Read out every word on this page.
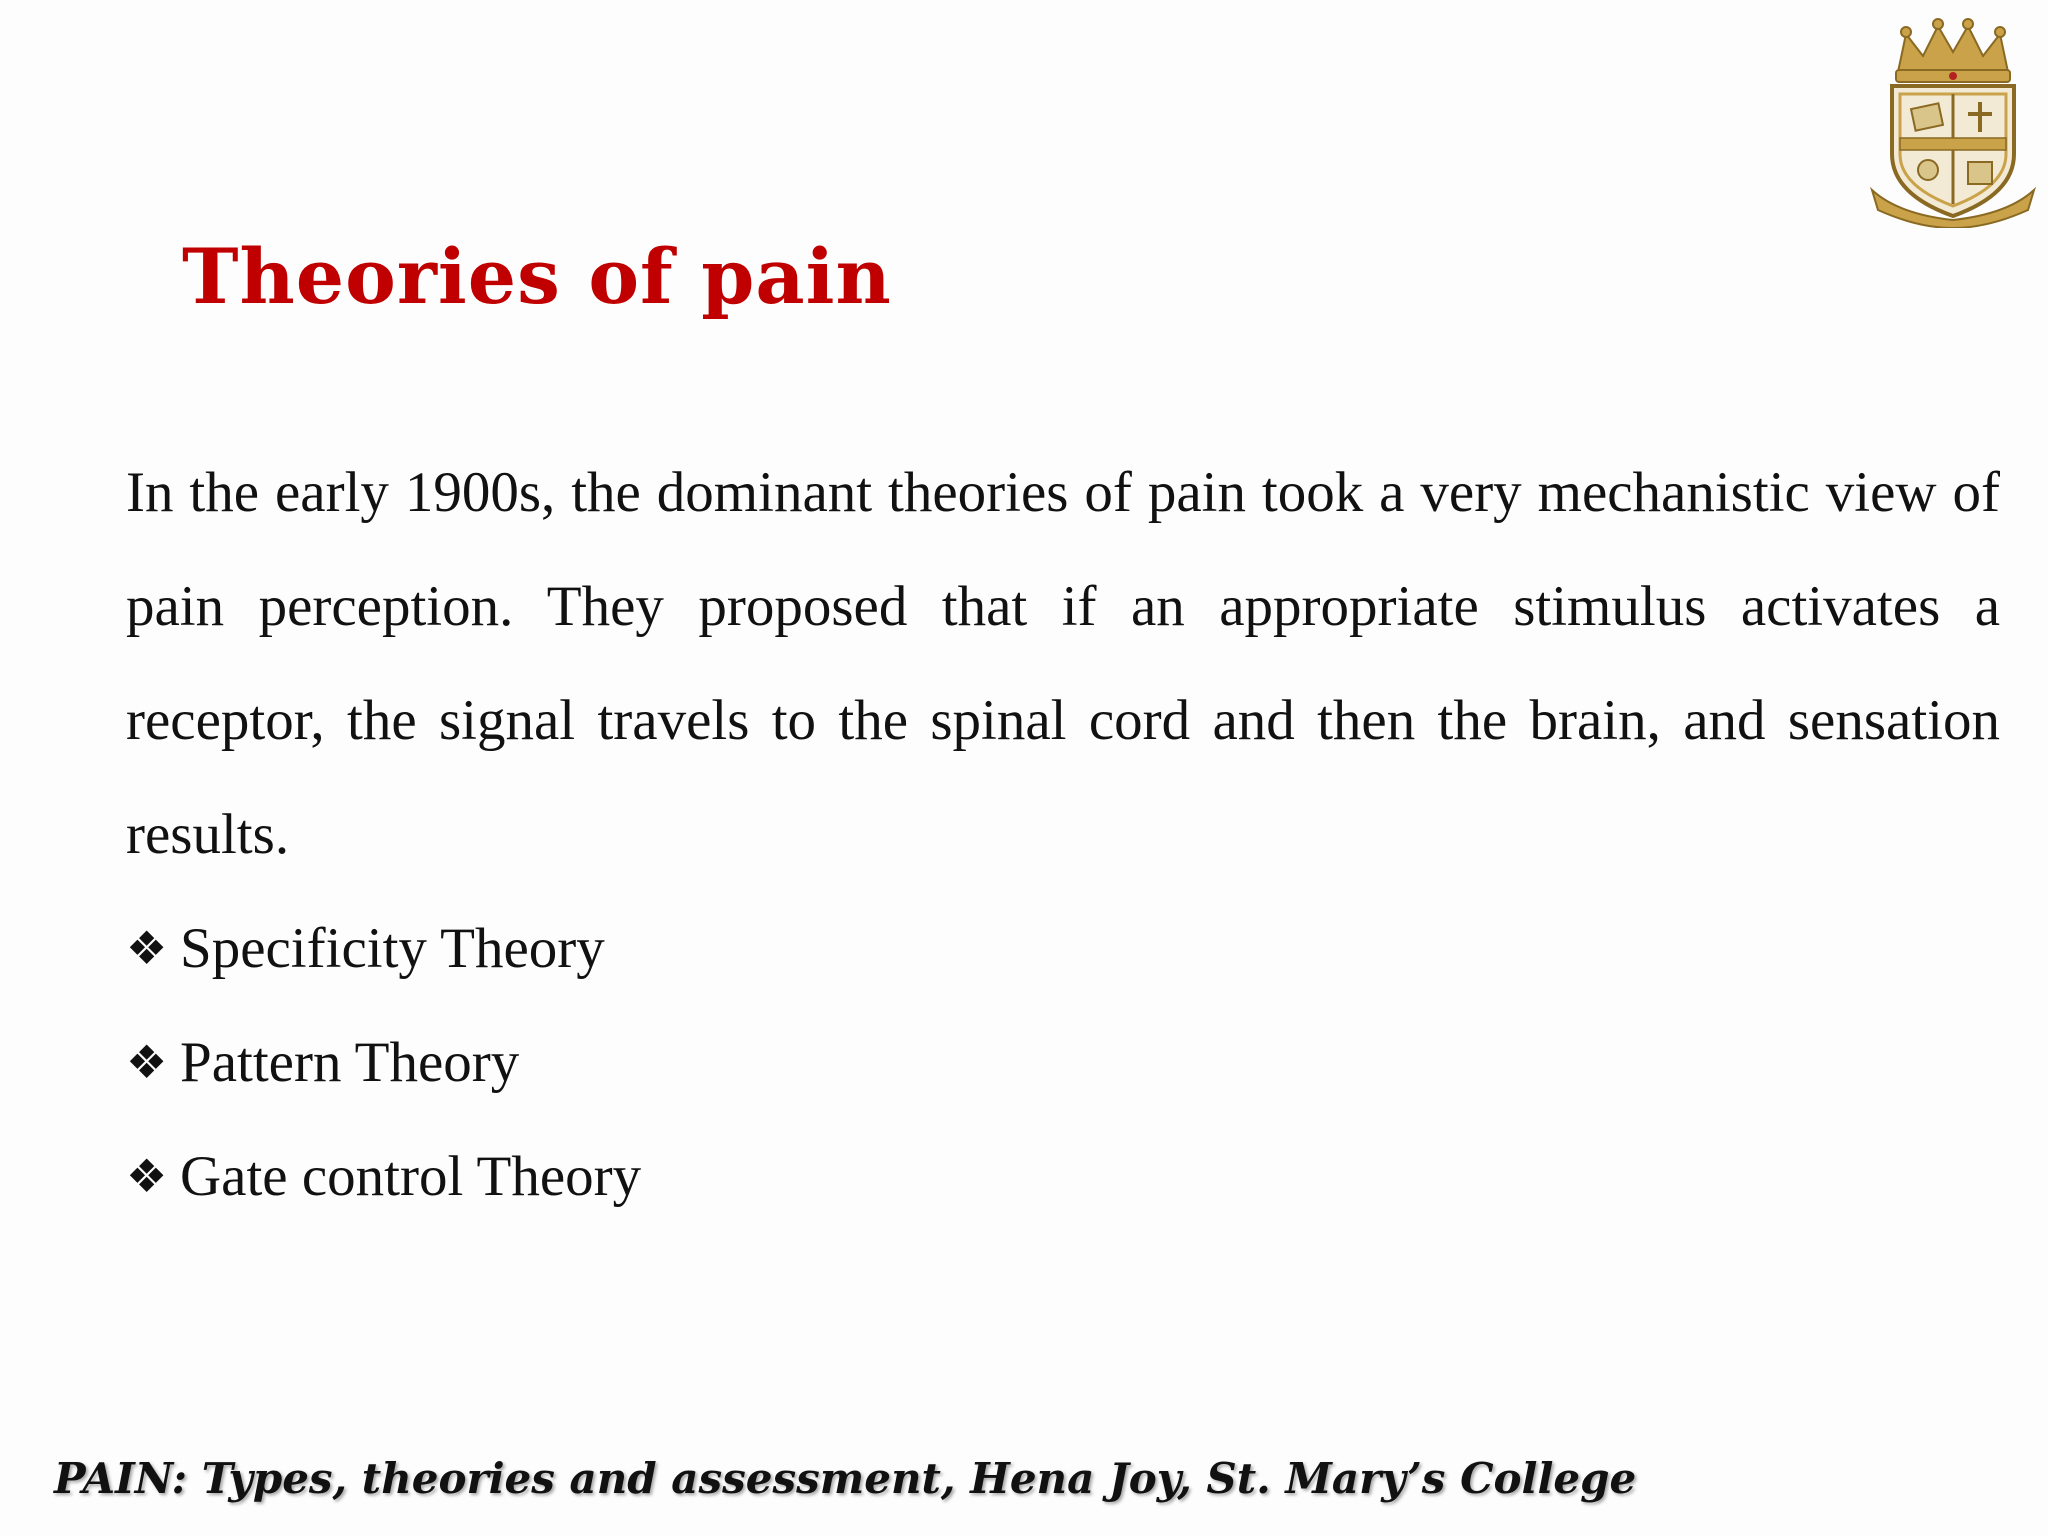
Theories of pain

In the early 1900s, the dominant theories of pain took a very mechanistic view of pain perception. They proposed that if an appropriate stimulus activates a receptor, the signal travels to the spinal cord and then the brain, and sensation results.

❖ Specificity Theory
❖ Pattern Theory
❖ Gate control Theory

PAIN: Types, theories and assessment, Hena Joy, St. Mary’s College
